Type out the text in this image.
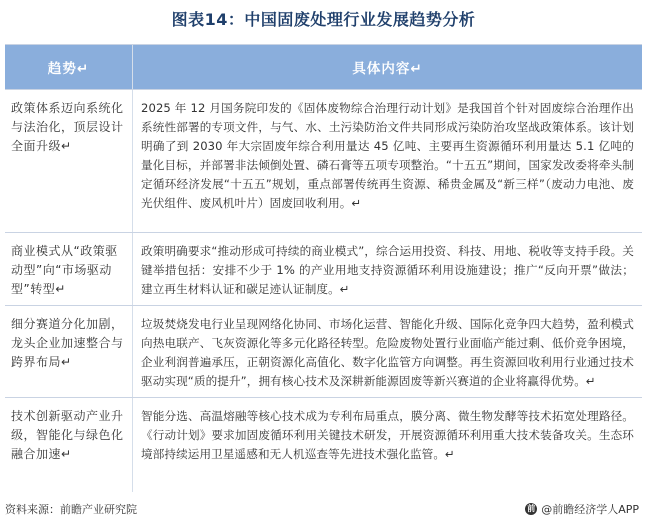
图表14：中国固废处理行业发展趋势分析
趋势↵	具体内容↵
政策体系迈向系统化与法治化，顶层设计全面升级↵
2025 年 12 月国务院印发的《固体废物综合治理行动计划》是我国首个针对固废综合治理作出系统性部署的专项文件，与气、水、土污染防治文件共同形成污染防治攻坚战政策体系。该计划明确了到 2030 年大宗固废年综合利用量达 45 亿吨、主要再生资源循环利用量达 5.1 亿吨的量化目标，并部署非法倾倒处置、磷石膏等五项专项整治。“十五五”期间，国家发改委将牵头制定循环经济发展“十五五”规划，重点部署传统再生资源、稀贵金属及“新三样”（废动力电池、废光伏组件、废风机叶片）固废回收利用。↵
商业模式从“政策驱动型”向“市场驱动型”转型↵
政策明确要求“推动形成可持续的商业模式”，综合运用投资、科技、用地、税收等支持手段。关键举措包括：安排不少于 1% 的产业用地支持资源循环利用设施建设；推广“反向开票”做法；建立再生材料认证和碳足迹认证制度。↵
细分赛道分化加剧，龙头企业加速整合与跨界布局↵
垃圾焚烧发电行业呈现网络化协同、市场化运营、智能化升级、国际化竞争四大趋势，盈利模式向热电联产、飞灰资源化等多元化路径转型。危险废物处置行业面临产能过剩、低价竞争困境，企业利润普遍承压，正朝资源化高值化、数字化监管方向调整。再生资源回收利用行业通过技术驱动实现“质的提升”，拥有核心技术及深耕新能源固废等新兴赛道的企业将赢得优势。↵
技术创新驱动产业升级，智能化与绿色化融合加速↵
智能分选、高温熔融等核心技术成为专利布局重点，膜分离、微生物发酵等技术拓宽处理路径。《行动计划》要求加固废循环利用关键技术研发，开展资源循环利用重大技术装备攻关。生态环境部持续运用卫星遥感和无人机巡查等先进技术强化监管。↵
资料来源：前瞻产业研究院	前 @前瞻经济学人APP
